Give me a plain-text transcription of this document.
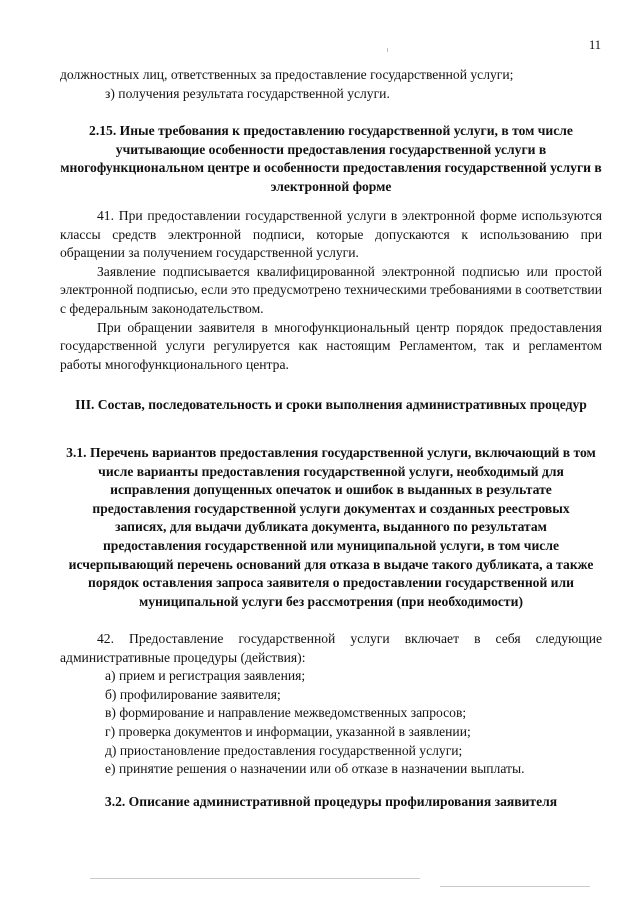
11

должностных лиц, ответственных за предоставление государственной услуги;

з) получения результата государственной услуги.

2.15. Иные требования к предоставлению государственной услуги, в том числе учитывающие особенности предоставления государственной услуги в многофункциональном центре и особенности предоставления государственной услуги в электронной форме

41. При предоставлении государственной услуги в электронной форме используются классы средств электронной подписи, которые допускаются к использованию при обращении за получением государственной услуги.

Заявление подписывается квалифицированной электронной подписью или простой электронной подписью, если это предусмотрено техническими требованиями в соответствии с федеральным законодательством.

При обращении заявителя в многофункциональный центр порядок предоставления государственной услуги регулируется как настоящим Регламентом, так и регламентом работы многофункционального центра.

III. Состав, последовательность и сроки выполнения административных процедур
3.1. Перечень вариантов предоставления государственной услуги, включающий в том числе варианты предоставления государственной услуги, необходимый для исправления допущенных опечаток и ошибок в выданных в результате предоставления государственной услуги документах и созданных реестровых записях, для выдачи дубликата документа, выданного по результатам предоставления государственной или муниципальной услуги, в том числе исчерпывающий перечень оснований для отказа в выдаче такого дубликата, а также порядок оставления запроса заявителя о предоставлении государственной или муниципальной услуги без рассмотрения (при необходимости)

42. Предоставление государственной услуги включает в себя следующие административные процедуры (действия):

а) прием и регистрация заявления;

б) профилирование заявителя;

в) формирование и направление межведомственных запросов;

г) проверка документов и информации, указанной в заявлении;

д) приостановление предоставления государственной услуги;

е) принятие решения о назначении или об отказе в назначении выплаты.

3.2. Описание административной процедуры профилирования заявителя
